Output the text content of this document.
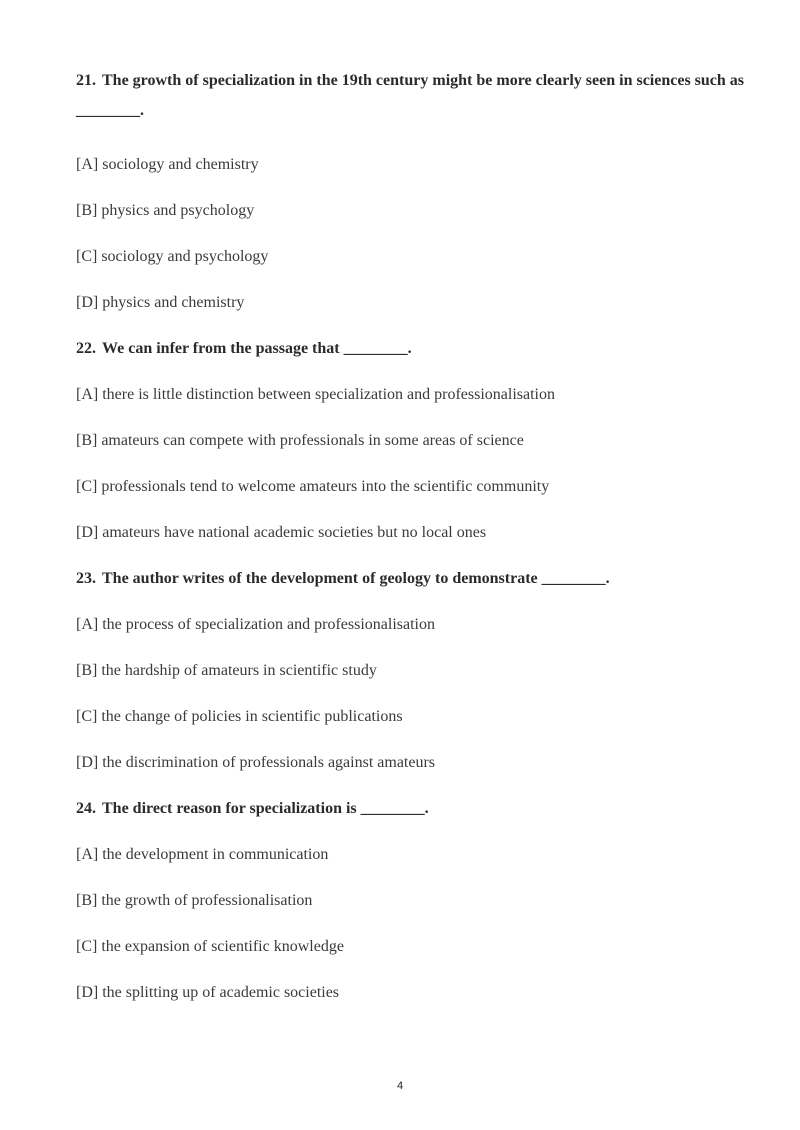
21. The growth of specialization in the 19th century might be more clearly seen in sciences such as ________.

[A] sociology and chemistry

[B] physics and psychology

[C] sociology and psychology

[D] physics and chemistry

22. We can infer from the passage that ________.

[A] there is little distinction between specialization and professionalisation

[B] amateurs can compete with professionals in some areas of science

[C] professionals tend to welcome amateurs into the scientific community

[D] amateurs have national academic societies but no local ones

23. The author writes of the development of geology to demonstrate ________.

[A] the process of specialization and professionalisation

[B] the hardship of amateurs in scientific study

[C] the change of policies in scientific publications

[D] the discrimination of professionals against amateurs

24. The direct reason for specialization is ________.

[A] the development in communication

[B] the growth of professionalisation

[C] the expansion of scientific knowledge

[D] the splitting up of academic societies

4
